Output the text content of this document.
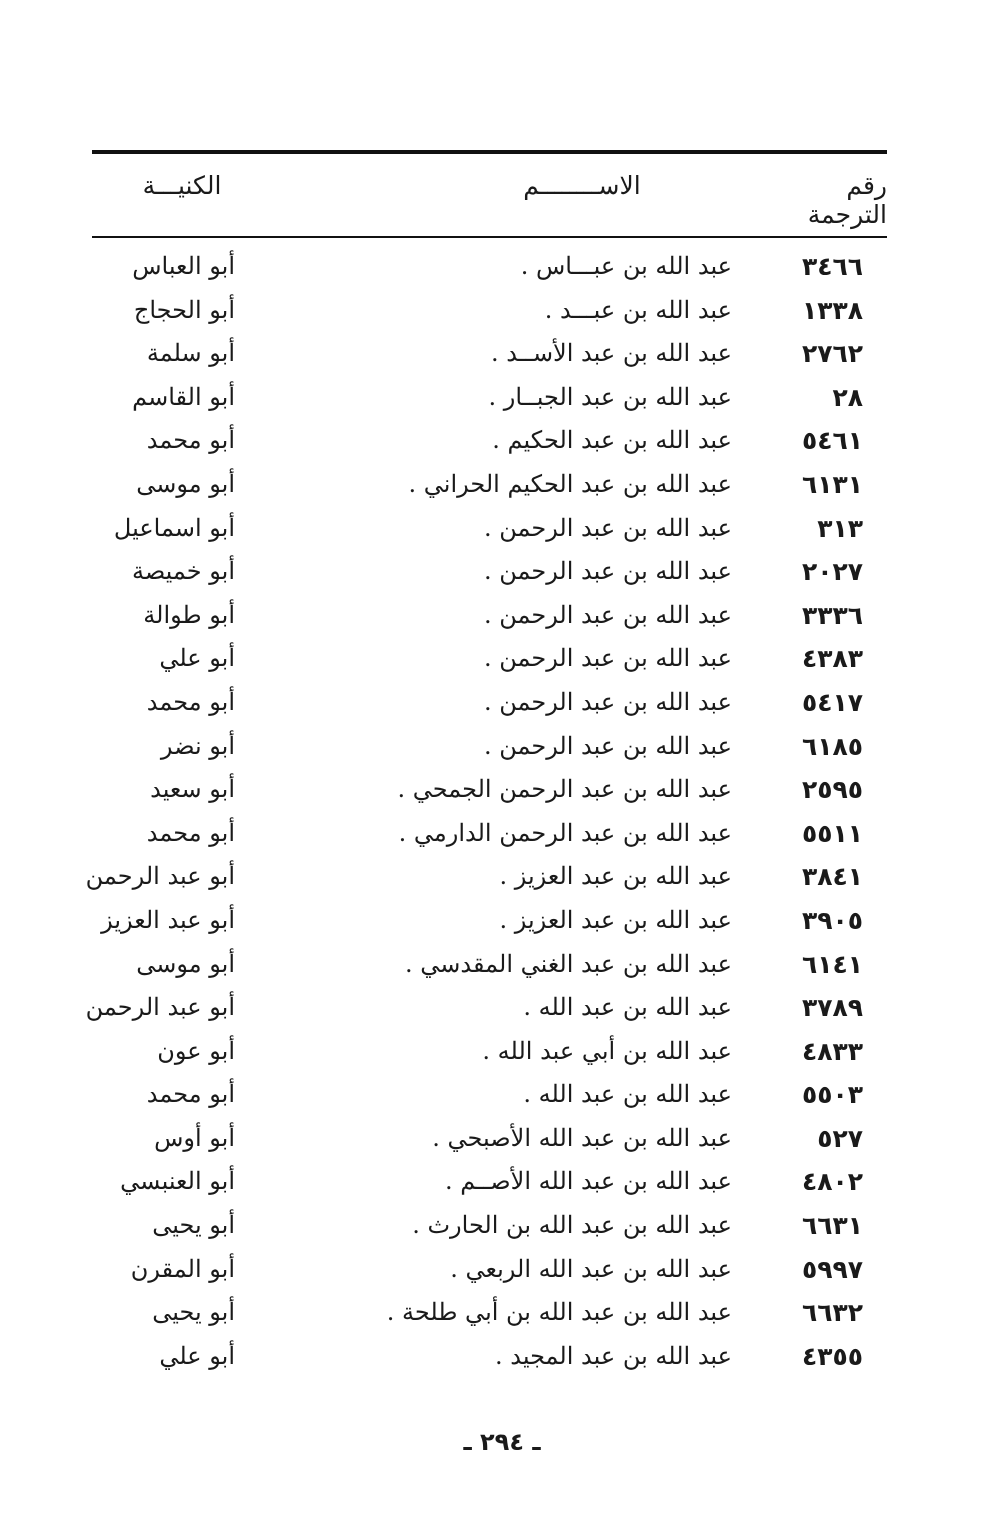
رقم الترجمة
الاســــــــم
الكنيـــة
٣٤٦٦
عبد الله بن عبـــاس .
أبو العباس
١٣٣٨
عبد الله بن عبـــد .
أبو الحجاج
٢٧٦٢
عبد الله بن عبد الأســد .
أبو سلمة
٢٨
عبد الله بن عبد الجبــار .
أبو القاسم
٥٤٦١
عبد الله بن عبد الحكيم .
أبو محمد
٦١٣١
عبد الله بن عبد الحكيم الحراني .
أبو موسى
٣١٣
عبد الله بن عبد الرحمن .
أبو اسماعيل
٢٠٢٧
عبد الله بن عبد الرحمن .
أبو خميصة
٣٣٣٦
عبد الله بن عبد الرحمن .
أبو طوالة
٤٣٨٣
عبد الله بن عبد الرحمن .
أبو علي
٥٤١٧
عبد الله بن عبد الرحمن .
أبو محمد
٦١٨٥
عبد الله بن عبد الرحمن .
أبو نضر
٢٥٩٥
عبد الله بن عبد الرحمن الجمحي .
أبو سعيد
٥٥١١
عبد الله بن عبد الرحمن الدارمي .
أبو محمد
٣٨٤١
عبد الله بن عبد العزيز .
أبو عبد الرحمن
٣٩٠٥
عبد الله بن عبد العزيز .
أبو عبد العزيز
٦١٤١
عبد الله بن عبد الغني المقدسي .
أبو موسى
٣٧٨٩
عبد الله بن عبد الله .
أبو عبد الرحمن
٤٨٣٣
عبد الله بن أبي عبد الله .
أبو عون
٥٥٠٣
عبد الله بن عبد الله .
أبو محمد
٥٢٧
عبد الله بن عبد الله الأصبحي .
أبو أوس
٤٨٠٢
عبد الله بن عبد الله الأصــم .
أبو العنبسي
٦٦٣١
عبد الله بن عبد الله بن الحارث .
أبو يحيى
٥٩٩٧
عبد الله بن عبد الله الربعي .
أبو المقرن
٦٦٣٢
عبد الله بن عبد الله بن أبي طلحة .
أبو يحيى
٤٣٥٥
عبد الله بن عبد المجيد .
أبو علي
ـ ٢٩٤ ـ
